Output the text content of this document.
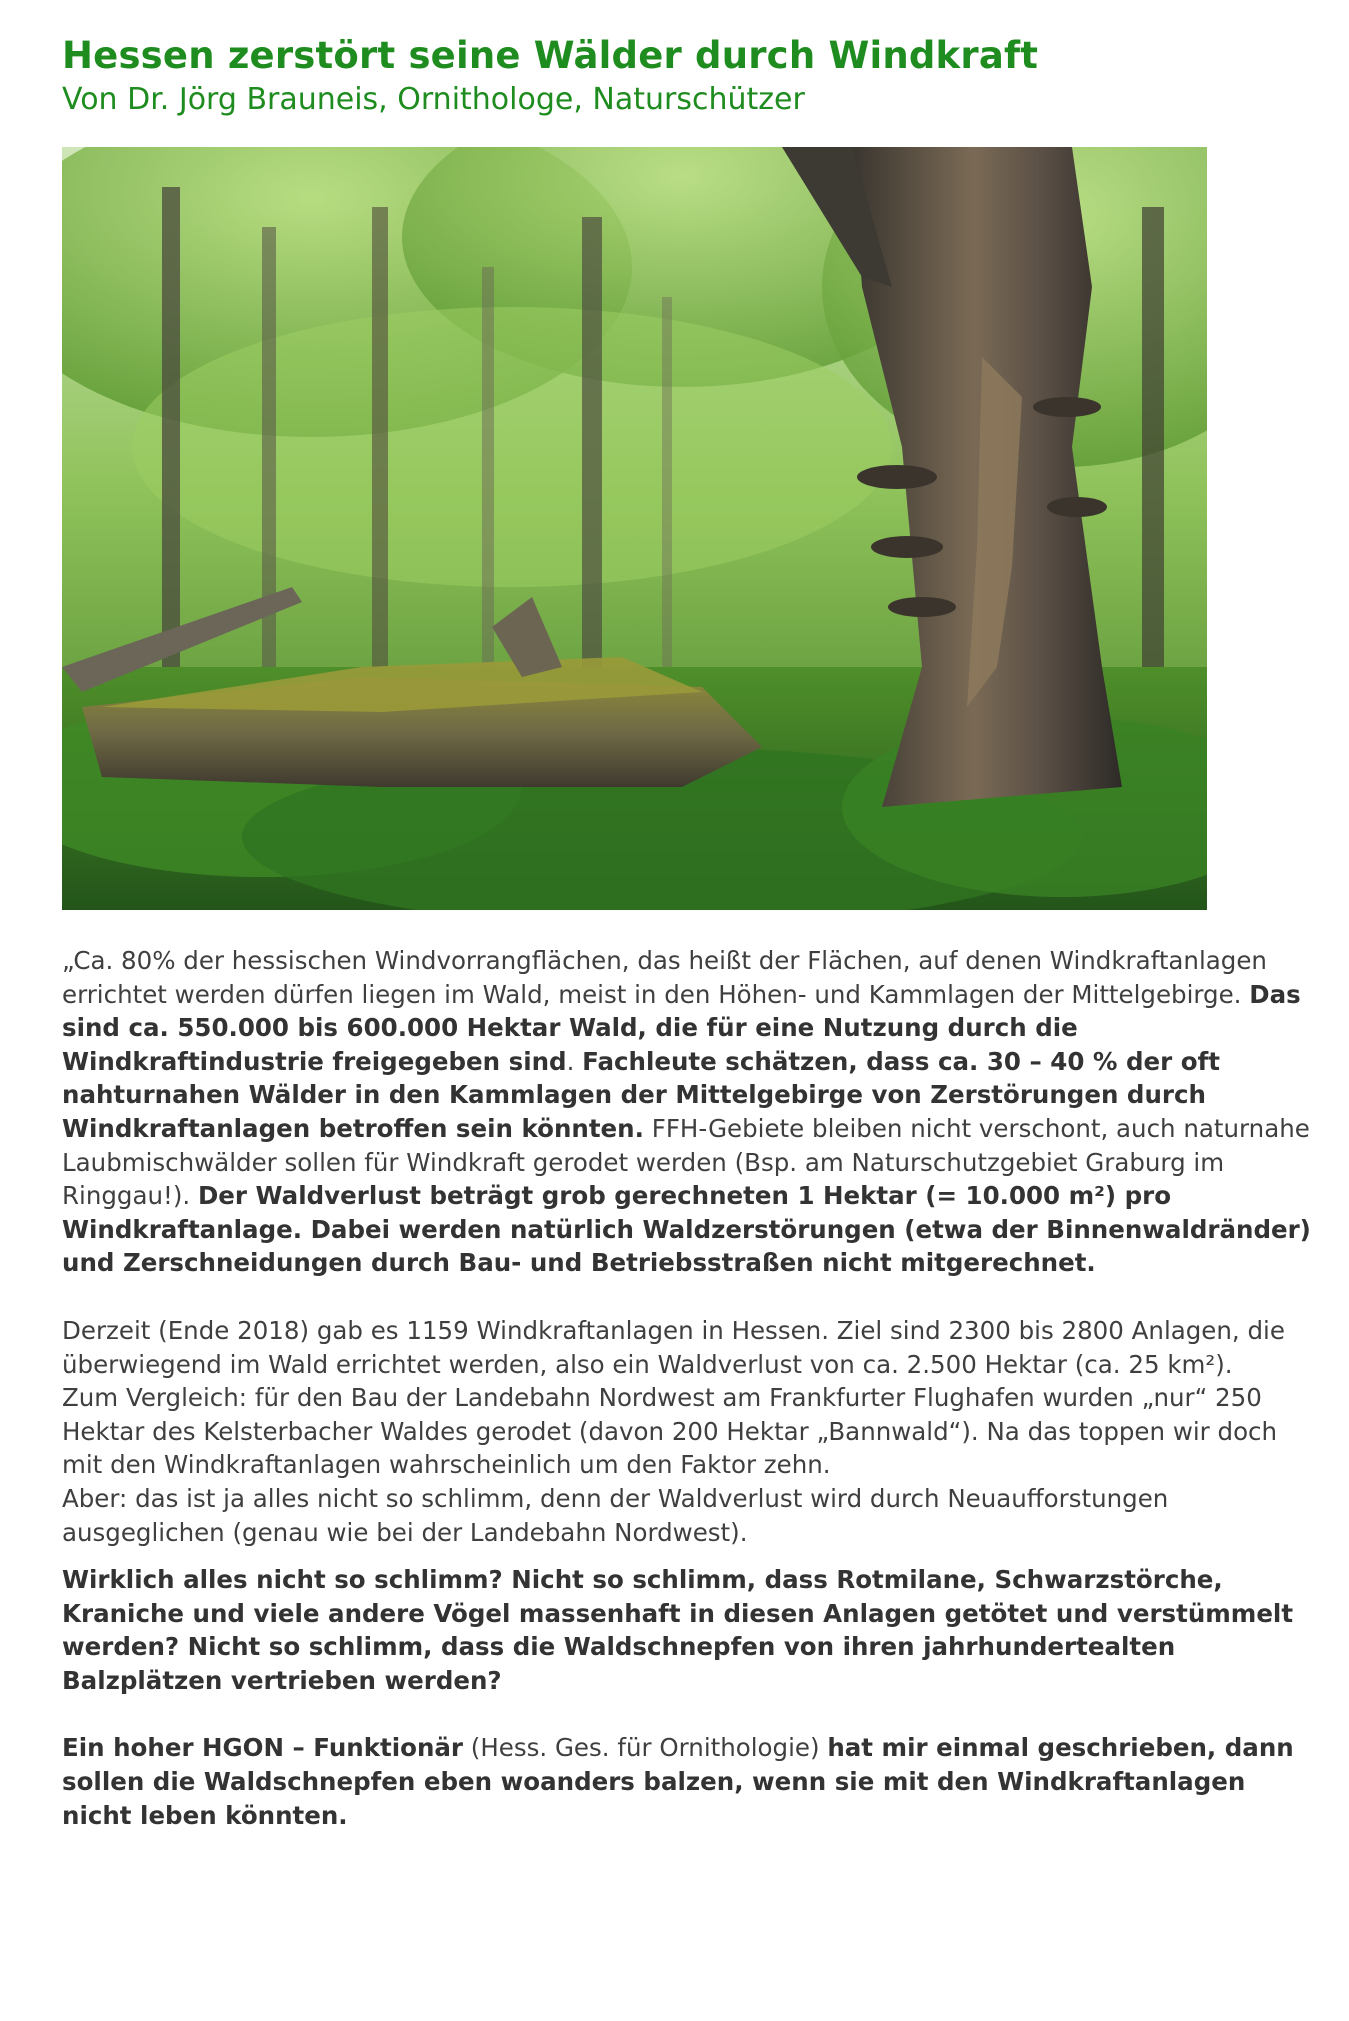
Hessen zerstört seine Wälder durch Windkraft

Von Dr. Jörg Brauneis, Ornithologe, Naturschützer

„Ca. 80% der hessischen Windvorrangflächen, das heißt der Flächen, auf denen Windkraftanlagen errichtet werden dürfen liegen im Wald, meist in den Höhen- und Kammlagen der Mittelgebirge. Das sind ca. 550.000 bis 600.000 Hektar Wald, die für eine Nutzung durch die Windkraftindustrie freigegeben sind. Fachleute schätzen, dass ca. 30 – 40 % der oft nahturnahen Wälder in den Kammlagen der Mittelgebirge von Zerstörungen durch Windkraftanlagen betroffen sein könnten. FFH-Gebiete bleiben nicht verschont, auch naturnahe Laubmischwälder sollen für Windkraft gerodet werden (Bsp. am Naturschutzgebiet Graburg im Ringgau!). Der Waldverlust beträgt grob gerechneten 1 Hektar (= 10.000 m²) pro Windkraftanlage. Dabei werden natürlich Waldzerstörungen (etwa der Binnenwaldränder) und Zerschneidungen durch Bau- und Betriebsstraßen nicht mitgerechnet.

Derzeit (Ende 2018) gab es 1159 Windkraftanlagen in Hessen. Ziel sind 2300 bis 2800 Anlagen, die überwiegend im Wald errichtet werden, also ein Waldverlust von ca. 2.500 Hektar (ca. 25 km²).

Zum Vergleich: für den Bau der Landebahn Nordwest am Frankfurter Flughafen wurden „nur“ 250 Hektar des Kelsterbacher Waldes gerodet (davon 200 Hektar „Bannwald“). Na das toppen wir doch mit den Windkraftanlagen wahrscheinlich um den Faktor zehn.

Aber: das ist ja alles nicht so schlimm, denn der Waldverlust wird durch Neuaufforstungen ausgeglichen (genau wie bei der Landebahn Nordwest).

Wirklich alles nicht so schlimm? Nicht so schlimm, dass Rotmilane, Schwarzstörche, Kraniche und viele andere Vögel massenhaft in diesen Anlagen getötet und verstümmelt werden? Nicht so schlimm, dass die Waldschnepfen von ihren jahrhundertealten Balzplätzen vertrieben werden?

Ein hoher HGON – Funktionär (Hess. Ges. für Ornithologie) hat mir einmal geschrieben, dann sollen die Waldschnepfen eben woanders balzen, wenn sie mit den Windkraftanlagen nicht leben könnten.
